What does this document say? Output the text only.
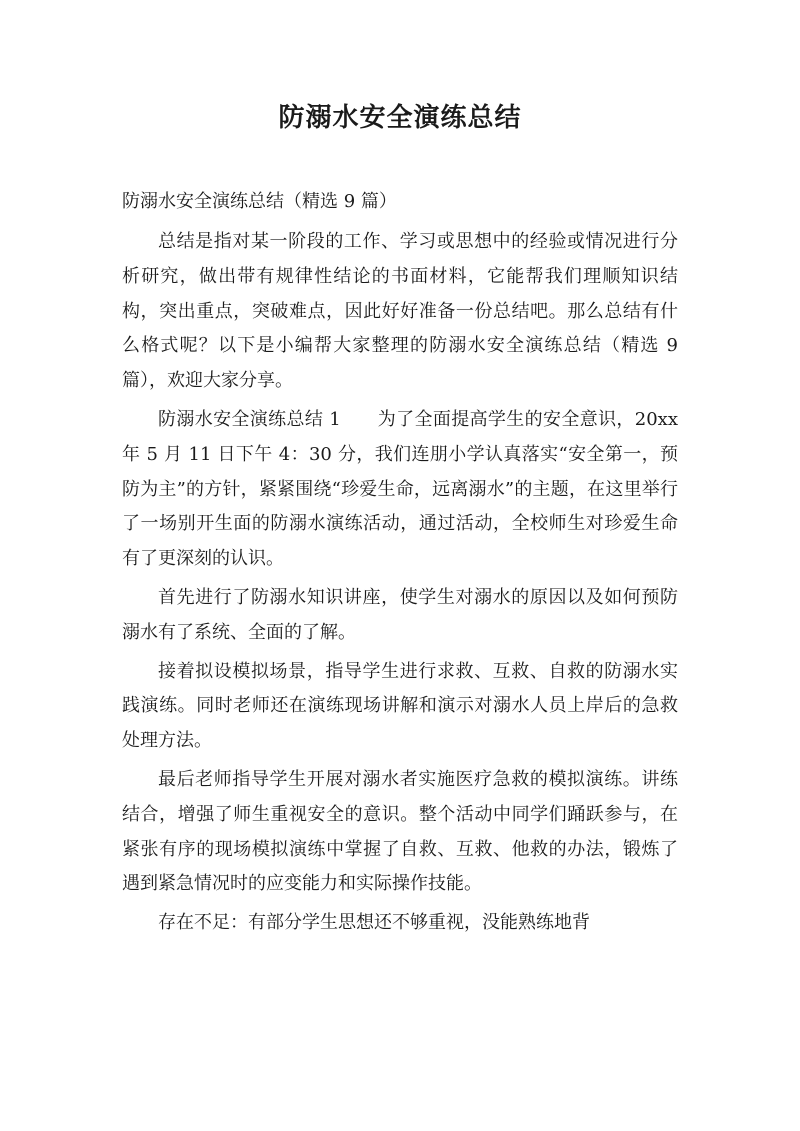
防溺水安全演练总结
防溺水安全演练总结（精选 9 篇）

总结是指对某一阶段的工作、学习或思想中的经验或情况进行分析研究，做出带有规律性结论的书面材料，它能帮我们理顺知识结构，突出重点，突破难点，因此好好准备一份总结吧。那么总结有什么格式呢？以下是小编帮大家整理的防溺水安全演练总结（精选 9 篇），欢迎大家分享。

防溺水安全演练总结 1　　为了全面提高学生的安全意识，20xx 年 5 月 11 日下午 4：30 分，我们连朋小学认真落实“安全第一，预防为主”的方针，紧紧围绕“珍爱生命，远离溺水”的主题，在这里举行了一场别开生面的防溺水演练活动，通过活动，全校师生对珍爱生命有了更深刻的认识。

首先进行了防溺水知识讲座，使学生对溺水的原因以及如何预防溺水有了系统、全面的了解。

接着拟设模拟场景，指导学生进行求救、互救、自救的防溺水实践演练。同时老师还在演练现场讲解和演示对溺水人员上岸后的急救处理方法。

最后老师指导学生开展对溺水者实施医疗急救的模拟演练。讲练结合，增强了师生重视安全的意识。整个活动中同学们踊跃参与，在紧张有序的现场模拟演练中掌握了自救、互救、他救的办法，锻炼了遇到紧急情况时的应变能力和实际操作技能。

存在不足：有部分学生思想还不够重视，没能熟练地背
